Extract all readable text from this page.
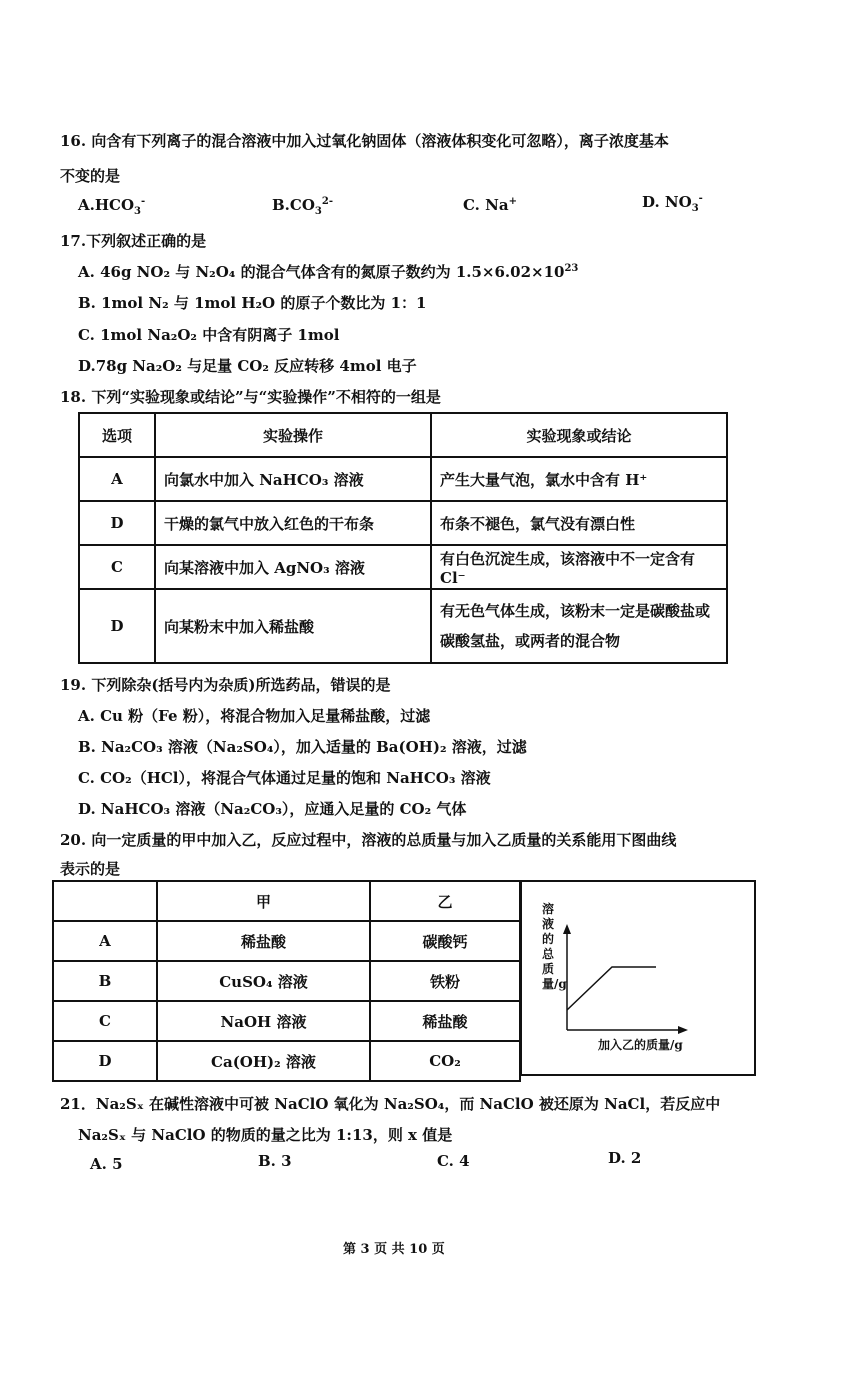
16. 向含有下列离子的混合溶液中加入过氧化钠固体（溶液体积变化可忽略），离子浓度基本
不变的是
$A.HCO_3^-$	$B.CO_3^{2-}$	C. Na+	D. $NO_3^-$
17.下列叙述正确的是
A. 46g NO₂ 与 N₂O₄ 的混合气体含有的氮原子数约为 $1.5\times 6.02\times 10^{23}$
B. 1mol N₂ 与 1mol H₂O 的原子个数比为 1：1
C. 1mol Na₂O₂ 中含有阴离子 1mol
D.78g Na₂O₂ 与足量 CO₂ 反应转移 4mol 电子
18. 下列“实验现象或结论”与“实验操作”不相符的一组是
选项	实验操作	实验现象或结论
A	向氯水中加入 NaHCO₃ 溶液	产生大量气泡，氯水中含有 H⁺
D	干燥的氯气中放入红色的干布条	布条不褪色，氯气没有漂白性
C	向某溶液中加入 AgNO₃ 溶液	有白色沉淀生成，该溶液中不一定含有 Cl⁻
D	向某粉末中加入稀盐酸	有无色气体生成，该粉末一定是碳酸盐或
碳酸氢盐，或两者的混合物
19. 下列除杂(括号内为杂质)所选药品，错误的是
A. Cu 粉（Fe 粉），将混合物加入足量稀盐酸，过滤
B. Na₂CO₃ 溶液（Na₂SO₄），加入适量的 Ba(OH)₂ 溶液，过滤
C. CO₂（HCl），将混合气体通过足量的饱和 NaHCO₃ 溶液
D. NaHCO₃ 溶液（Na₂CO₃），应通入足量的 CO₂ 气体
20. 向一定质量的甲中加入乙，反应过程中，溶液的总质量与加入乙质量的关系能用下图曲线
表示的是
	甲	乙
A	稀盐酸	碳酸钙
B	CuSO₄ 溶液	铁粉
C	NaOH 溶液	稀盐酸
D	Ca(OH)₂ 溶液	CO₂
溶液的总质量/g
加入乙的质量/g
21．Na₂Sₓ 在碱性溶液中可被 NaClO 氧化为 Na₂SO₄，而 NaClO 被还原为 NaCl，若反应中
Na₂Sₓ 与 NaClO 的物质的量之比为 1:13，则 x 值是
A. 5	B. 3	C. 4	D. 2
第 3 页 共 10 页
